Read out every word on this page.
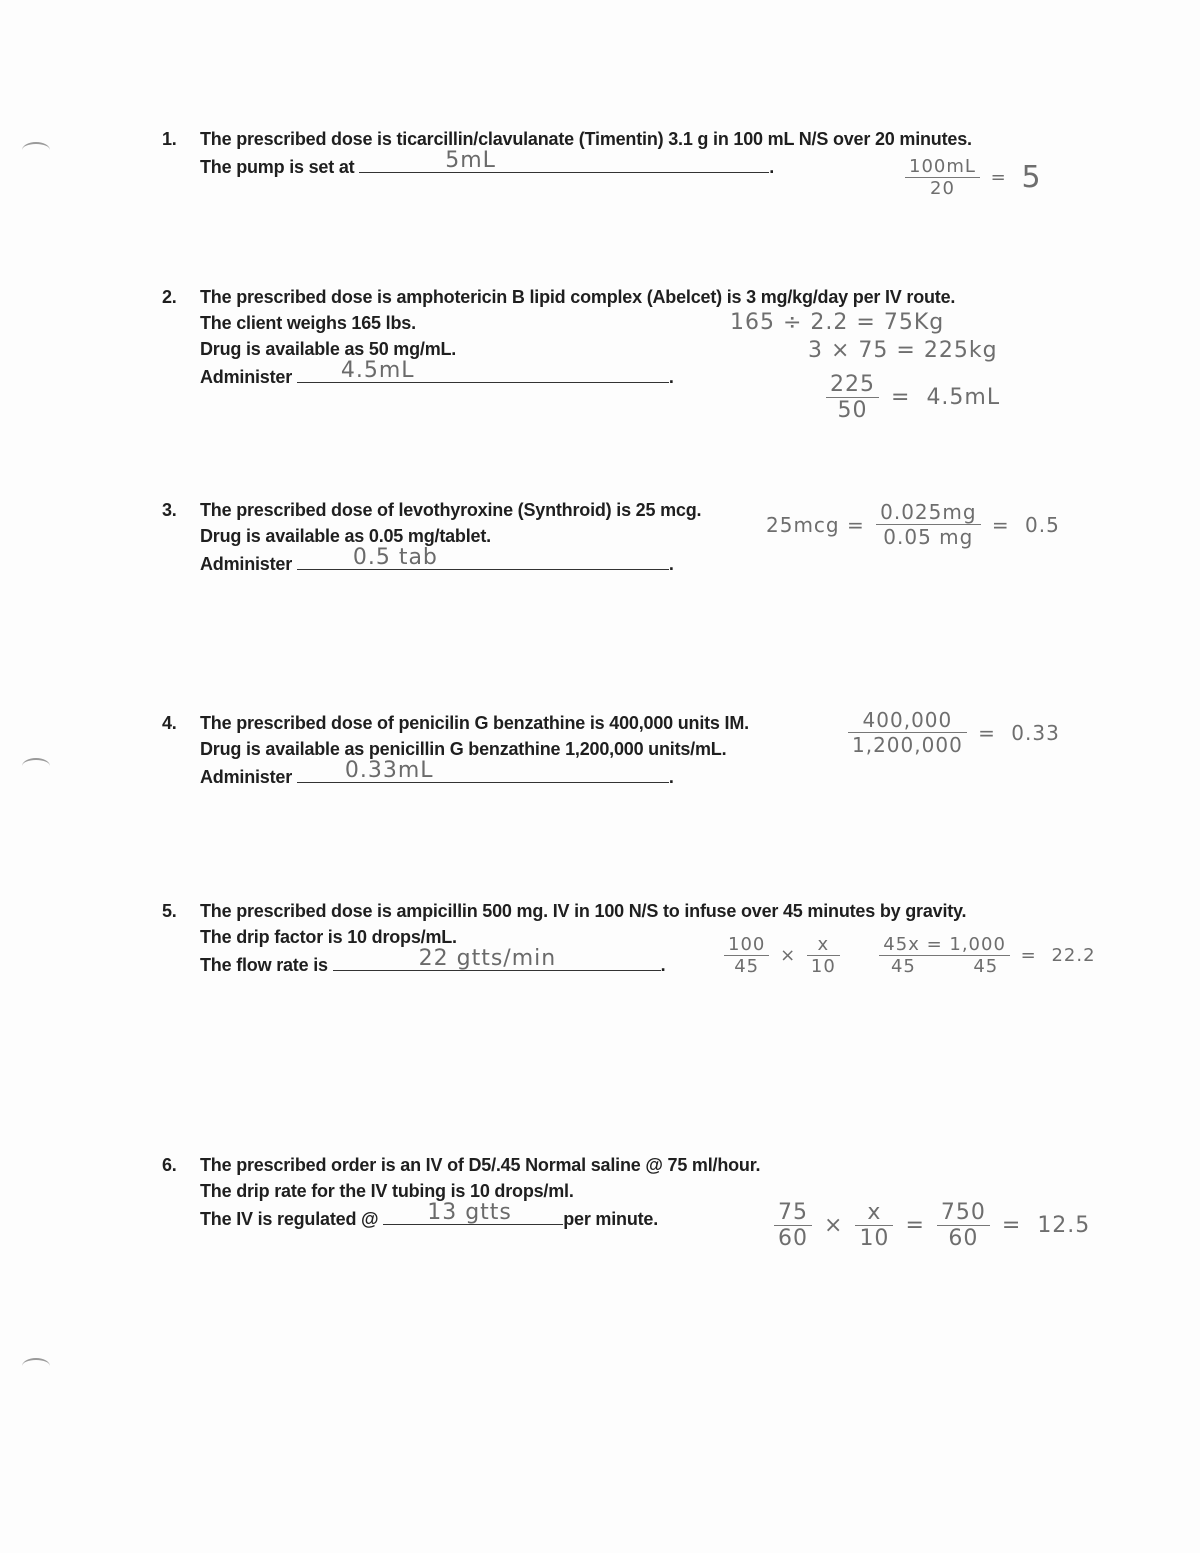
1.	The prescribed dose is ticarcillin/clavulanate (Timentin) 3.1 g in 100 mL N/S over 20 minutes.
The pump is set at	5mL	.	$\frac{100mL}{20} = 5$
2.	The prescribed dose is amphotericin B lipid complex (Abelcet) is 3 mg/kg/day per IV route.
The client weighs 165 lbs.
Drug is available as 50 mg/mL.
Administer 4.5mL	.
165 ÷ 2.2 = 75Kg
3 × 75 = 225kg
$\frac{225}{50} = 4.5mL$
3.	The prescribed dose of levothyroxine (Synthroid) is 25 mcg.
Drug is available as 0.05 mg/tablet.
Administer	0.5 tab	.
$25mcg = \frac{0.025mg}{0.05 mg} = 0.5$
4.	The prescribed dose of penicilin G benzathine is 400,000 units IM.
Drug is available as penicillin G benzathine 1,200,000 units/mL.
Administer 0.33mL	.
$\frac{400,000}{1,200,000} = 0.33$
5.	The prescribed dose is ampicillin 500 mg. IV in 100 N/S to infuse over 45 minutes by gravity.
The drip factor is 10 drops/mL.
The flow rate is	22 gtts/min	.	$\frac{100}{45} \times \frac{x}{10}$
45x = 1,000
45	45 = 22.2
6.	The prescribed order is an IV of D5/.45 Normal saline @ 75 ml/hour.
The drip rate for the IV tubing is 10 drops/ml.
The IV is regulated @ 13 gtts	per minute.	$\frac{75}{60} \times \frac{x}{10} = \frac{750}{60} = 12.5$
